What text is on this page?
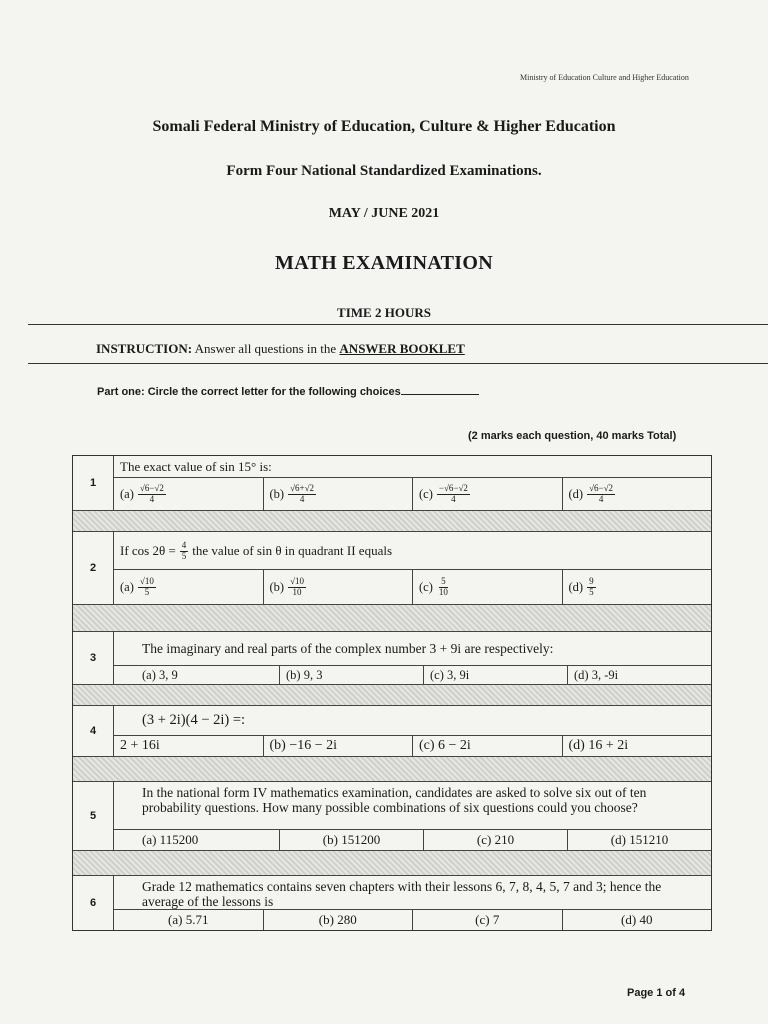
Ministry of Education Culture and Higher Education
Somali Federal Ministry of Education, Culture & Higher Education
Form Four National Standardized Examinations.
MAY / JUNE 2021
MATH EXAMINATION
TIME 2 HOURS
INSTRUCTION: Answer all questions in the ANSWER BOOKLET
Part one: Circle the correct letter for the following choices
(2 marks each question, 40 marks Total)
1
The exact value of sin 15° is:
$(a) \frac{√6-√2}{4}$	$(b) \frac{√6+√2}{4}$	$(c) \frac{-√6-√2}{4}$	$(d) \frac{√6-√2}{4}$
2
If $\cos 2\theta = \frac{4}{5}$ the value of sin θ in quadrant II equals
$(a) \frac{√10}{5}$	$(b) \frac{√10}{10}$	$(c) \frac{5}{10}$	$(d) \frac{9}{5}$
3
The imaginary and real parts of the complex number 3 + 9i are respectively:
(a) 3, 9	(b) 9, 3	(c) 3, 9i	(d) 3, -9i
4
(3 + 2i)(4 − 2i) =:
2 + 16i	(b) −16 − 2i	(c) 6 − 2i	(d) 16 + 2i
5
In the national form IV mathematics examination, candidates are asked to solve six out of ten probability questions. How many possible combinations of six questions could you choose?
(a) 115200	(b) 151200	(c) 210	(d) 151210
6
Grade 12 mathematics contains seven chapters with their lessons 6, 7, 8, 4, 5, 7 and 3; hence the average of the lessons is
(a) 5.71	(b) 280	(c) 7	(d) 40
Page 1 of 4
